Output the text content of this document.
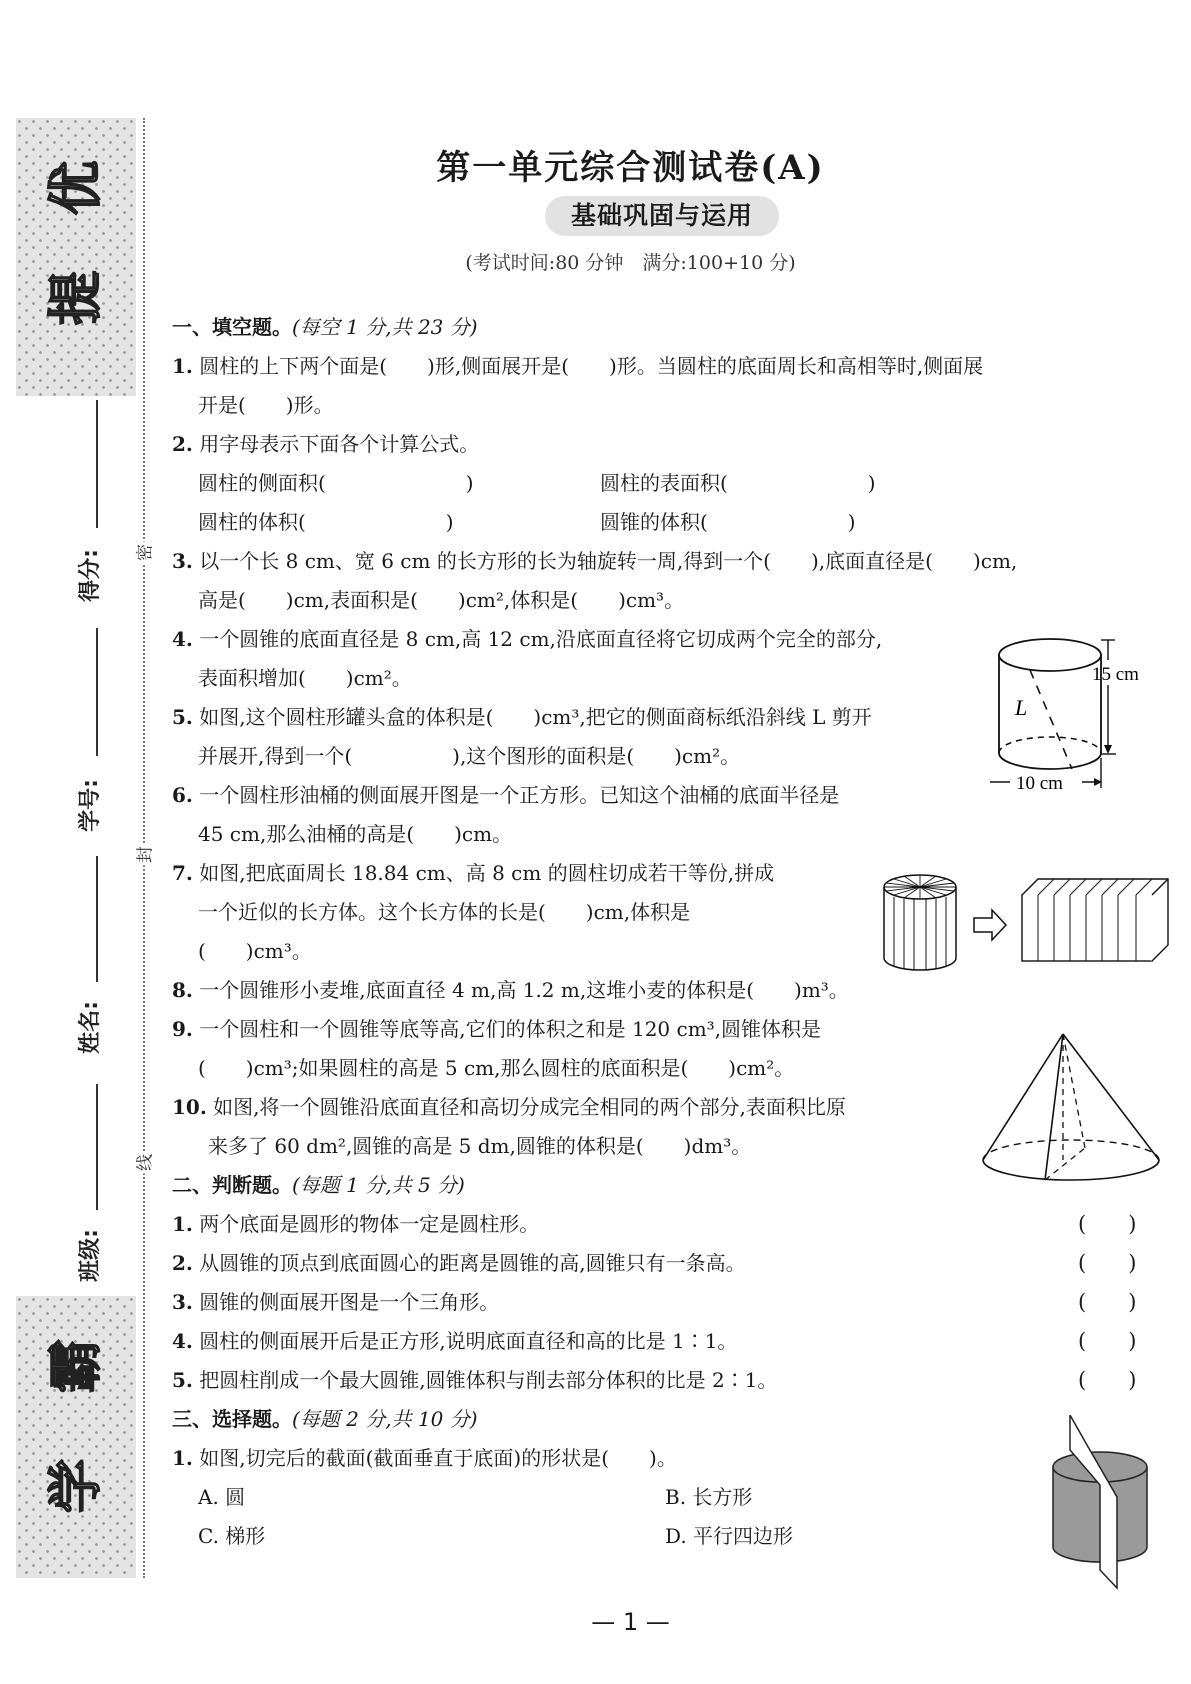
优
提
霸
学
密
封
线
得分:
学号:
姓名:
班级:
第一单元综合测试卷(A)
基础巩固与运用
(考试时间:80 分钟　满分:100+10 分)
一、填空题。(每空 1 分,共 23 分)
1. 圆柱的上下两个面是(　　)形,侧面展开是(　　)形。当圆柱的底面周长和高相等时,侧面展
开是(　　)形。
2. 用字母表示下面各个计算公式。
圆柱的侧面积(　　　　　　　)	圆柱的表面积(　　　　　　　)
圆柱的体积(　　　　　　　)	圆锥的体积(　　　　　　　)
3. 以一个长 8 cm、宽 6 cm 的长方形的长为轴旋转一周,得到一个(　　),底面直径是(　　)cm,
高是(　　)cm,表面积是(　　)cm²,体积是(　　)cm³。
4. 一个圆锥的底面直径是 8 cm,高 12 cm,沿底面直径将它切成两个完全的部分,
表面积增加(　　)cm²。
5. 如图,这个圆柱形罐头盒的体积是(　　)cm³,把它的侧面商标纸沿斜线 L 剪开
并展开,得到一个(　　　　　),这个图形的面积是(　　)cm²。
6. 一个圆柱形油桶的侧面展开图是一个正方形。已知这个油桶的底面半径是
45 cm,那么油桶的高是(　　)cm。
7. 如图,把底面周长 18.84 cm、高 8 cm 的圆柱切成若干等份,拼成
一个近似的长方体。这个长方体的长是(　　)cm,体积是
(　　)cm³。
8. 一个圆锥形小麦堆,底面直径 4 m,高 1.2 m,这堆小麦的体积是(　　)m³。
9. 一个圆柱和一个圆锥等底等高,它们的体积之和是 120 cm³,圆锥体积是
(　　)cm³;如果圆柱的高是 5 cm,那么圆柱的底面积是(　　)cm²。
10. 如图,将一个圆锥沿底面直径和高切分成完全相同的两个部分,表面积比原
来多了 60 dm²,圆锥的高是 5 dm,圆锥的体积是(　　)dm³。
L
15 cm
10 cm
二、判断题。(每题 1 分,共 5 分)
1. 两个底面是圆形的物体一定是圆柱形。	(　　)
2. 从圆锥的顶点到底面圆心的距离是圆锥的高,圆锥只有一条高。	(　　)
3. 圆锥的侧面展开图是一个三角形。	(　　)
4. 圆柱的侧面展开后是正方形,说明底面直径和高的比是 1∶1。	(　　)
5. 把圆柱削成一个最大圆锥,圆锥体积与削去部分体积的比是 2∶1。	(　　)
三、选择题。(每题 2 分,共 10 分)
1. 如图,切完后的截面(截面垂直于底面)的形状是(　　)。
A. 圆	B. 长方形
C. 梯形	D. 平行四边形
— 1 —
